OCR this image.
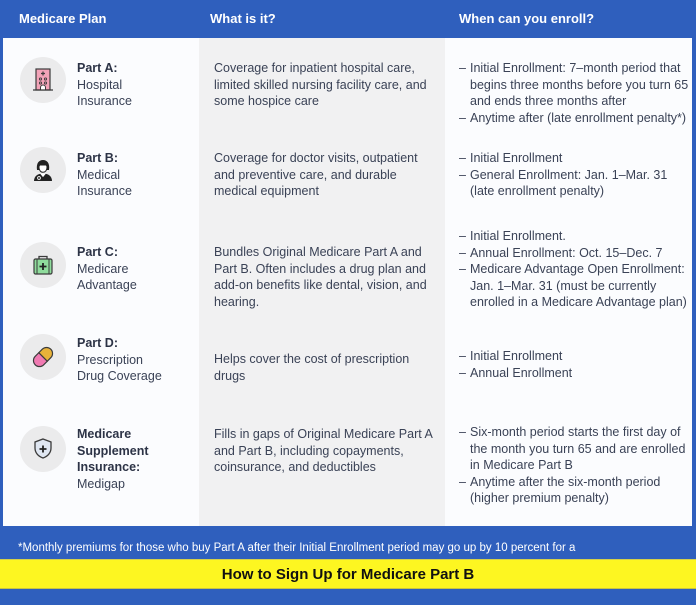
Medicare Plan	What is it?	When can you enroll?
Part A:
Hospital
Insurance
Coverage for inpatient hospital care, limited skilled nursing facility care, and some hospice care
– Initial Enrollment: 7–month period that begins three months before you turn 65 and ends three months after
– Anytime after (late enrollment penalty*)
Part B:
Medical
Insurance
Coverage for doctor visits, outpatient and preventive care, and durable medical equipment
– Initial Enrollment
– General Enrollment: Jan. 1–Mar. 31 (late enrollment penalty)
Part C:
Medicare
Advantage
Bundles Original Medicare Part A and Part B. Often includes a drug plan and add-on benefits like dental, vision, and hearing.
– Initial Enrollment.
– Annual Enrollment: Oct. 15–Dec. 7
– Medicare Advantage Open Enrollment: Jan. 1–Mar. 31 (must be currently enrolled in a Medicare Advantage plan)
Part D:
Prescription
Drug Coverage
Helps cover the cost of prescription drugs
– Initial Enrollment
– Annual Enrollment
Medicare
Supplement
Insurance:
Medigap
Fills in gaps of Original Medicare Part A and Part B, including copayments, coinsurance, and deductibles
– Six-month period starts the first day of the month you turn 65 and are enrolled in Medicare Part B
– Anytime after the six-month period (higher premium penalty)
*Monthly premiums for those who buy Part A after their Initial Enrollment period may go up by 10 percent for a
How to Sign Up for Medicare Part B
